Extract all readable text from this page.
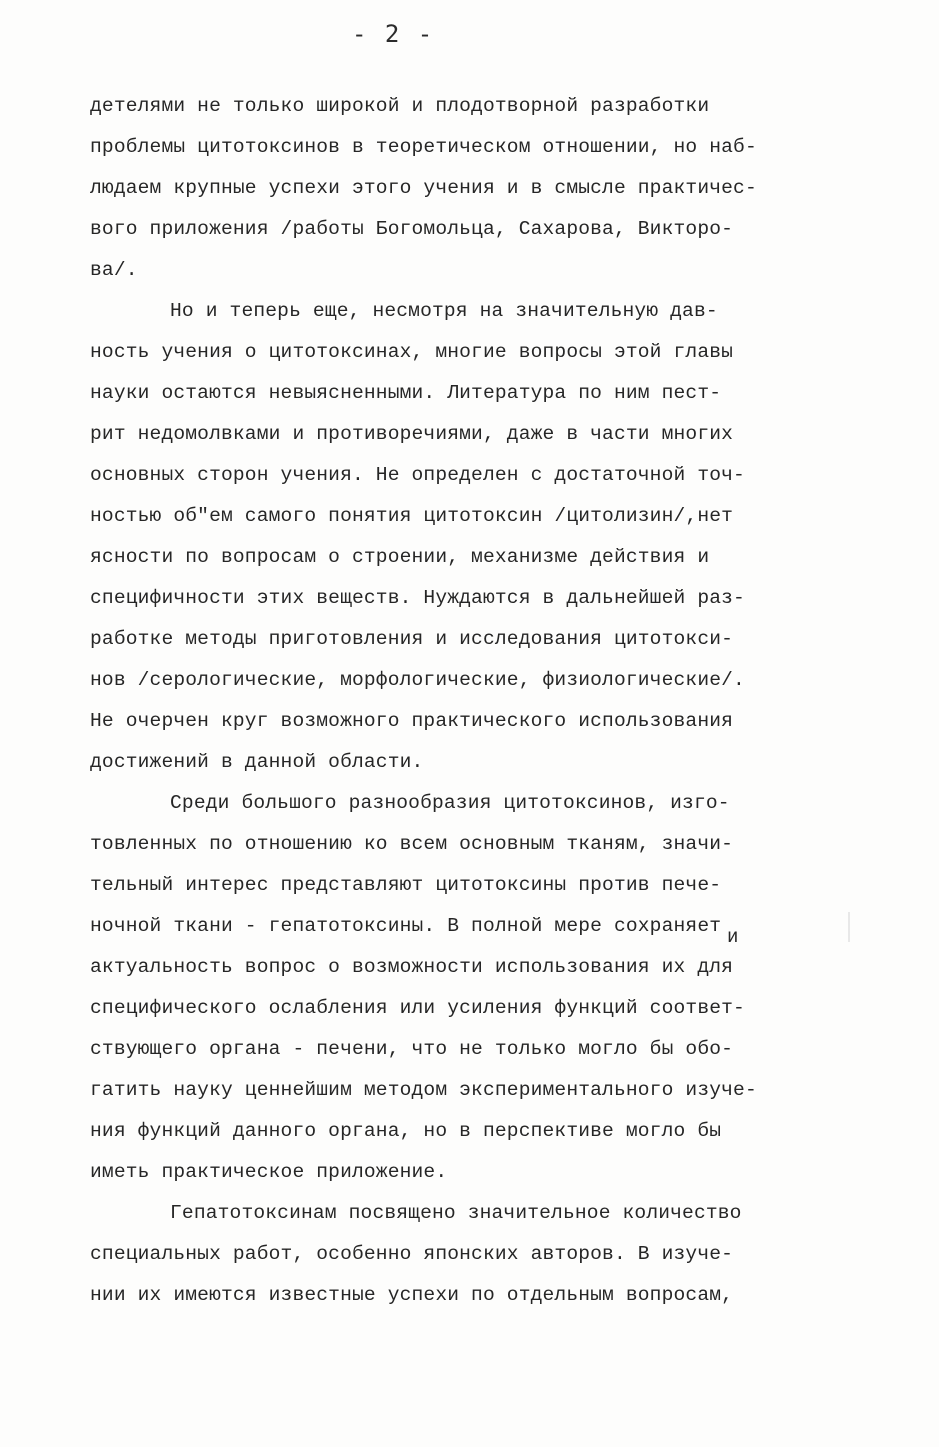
- 2 -
детелями не только широкой и плодотворной разработки
проблемы цитотоксинов в теоретическом отношении, но наб-
людаем крупные успехи этого учения и в смысле практичес-
вого приложения /работы Богомольца, Сахарова, Викторо-
ва/.
Но и теперь еще, несмотря на значительную дав-
ность учения о цитотоксинах, многие вопросы этой главы
науки остаются невыясненными. Литература по ним пест-
рит недомолвками и противоречиями, даже в части многих
основных сторон учения. Не определен с достаточной точ-
ностью об"ем самого понятия цитотоксин /цитолизин/,нет
ясности по вопросам о строении, механизме действия и
специфичности этих веществ. Нуждаются в дальнейшей раз-
работке методы приготовления и исследования цитотокси-
нов /серологические, морфологические, физиологические/.
Не очерчен круг возможного практического использования
достижений в данной области.
Среди большого разнообразия цитотоксинов, изго-
товленных по отношению ко всем основным тканям, значи-
тельный интерес представляют цитотоксины против пече-
ночной ткани - гепатотоксины. В полной мере сохраняет
актуальность вопрос о возможности использования их для
специфического ослабления или усиления функций соответ-
ствующего органа - печени, что не только могло бы обо-
гатить науку ценнейшим методом экспериментального изуче-
ния функций данного органа, но в перспективе могло бы
иметь практическое приложение.
Гепатотоксинам посвящено значительное количество
специальных работ, особенно японских авторов. В изуче-
нии их имеются известные успехи по отдельным вопросам,
и
